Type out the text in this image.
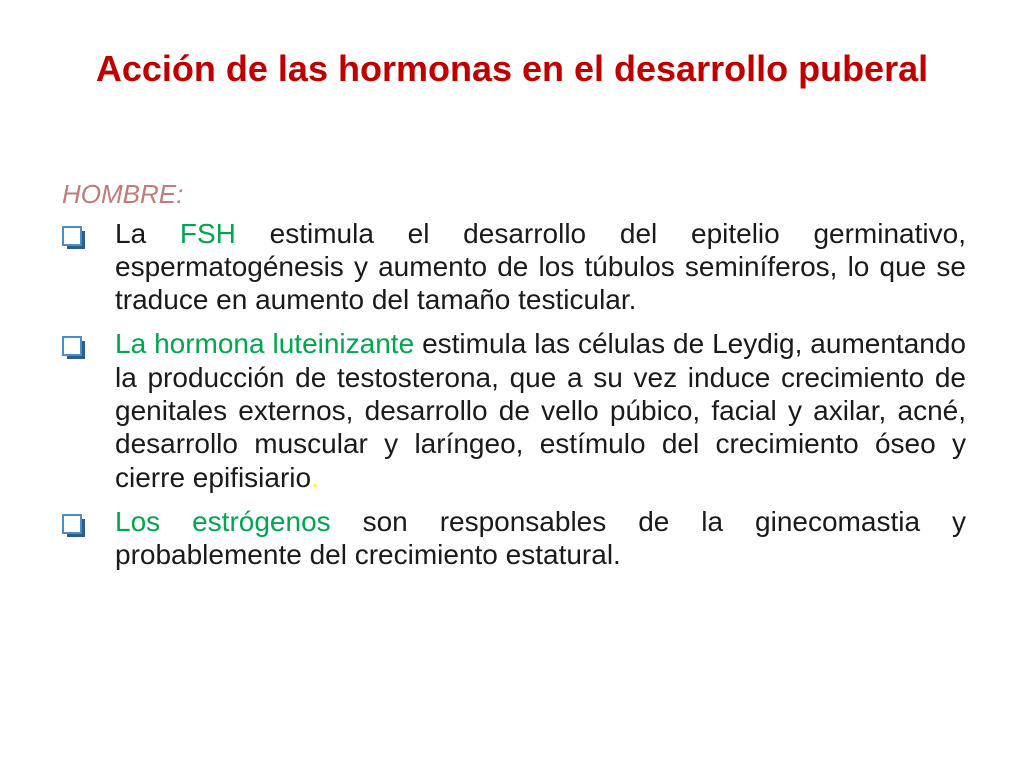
Acción de las hormonas en el desarrollo puberal
HOMBRE:
La FSH estimula el desarrollo del epitelio germinativo, espermatogénesis y aumento de los túbulos seminíferos, lo que se traduce en aumento del tamaño testicular.
La hormona luteinizante estimula las células de Leydig, aumentando la producción de testosterona, que a su vez induce crecimiento de genitales externos, desarrollo de vello púbico, facial y axilar, acné, desarrollo muscular y laríngeo, estímulo del crecimiento óseo y cierre epifisiario.
Los estrógenos son responsables de la ginecomastia y probablemente del crecimiento estatural.
